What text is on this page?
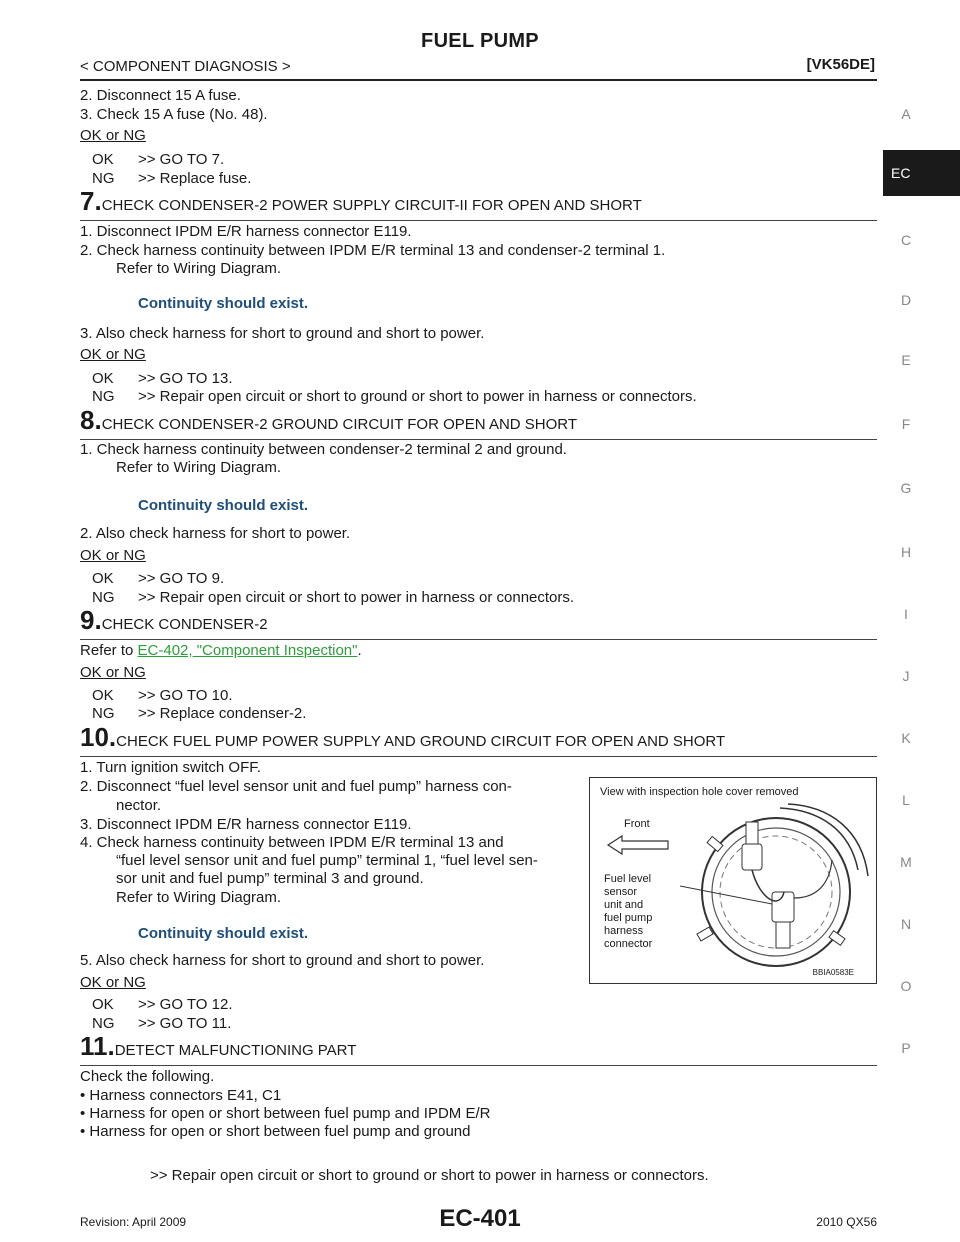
FUEL PUMP
< COMPONENT DIAGNOSIS >	[VK56DE]
A
EC
C
D
E
F
G
H
I
J
K
L
M
N
O
P
2. Disconnect 15 A fuse.
3. Check 15 A fuse (No. 48).
OK or NG
OK >> GO TO 7.
NG >> Replace fuse.
7.CHECK CONDENSER-2 POWER SUPPLY CIRCUIT-II FOR OPEN AND SHORT
1. Disconnect IPDM E/R harness connector E119.
2. Check harness continuity between IPDM E/R terminal 13 and condenser-2 terminal 1.
Refer to Wiring Diagram.
Continuity should exist.
3. Also check harness for short to ground and short to power.
OK or NG
OK >> GO TO 13.
NG >> Repair open circuit or short to ground or short to power in harness or connectors.
8.CHECK CONDENSER-2 GROUND CIRCUIT FOR OPEN AND SHORT
1. Check harness continuity between condenser-2 terminal 2 and ground.
Refer to Wiring Diagram.
Continuity should exist.
2. Also check harness for short to power.
OK or NG
OK >> GO TO 9.
NG >> Repair open circuit or short to power in harness or connectors.
9.CHECK CONDENSER-2
Refer to EC-402, "Component Inspection".
OK or NG
OK >> GO TO 10.
NG >> Replace condenser-2.
10.CHECK FUEL PUMP POWER SUPPLY AND GROUND CIRCUIT FOR OPEN AND SHORT
1. Turn ignition switch OFF.
2. Disconnect “fuel level sensor unit and fuel pump” harness con-
nector.
3. Disconnect IPDM E/R harness connector E119.
4. Check harness continuity between IPDM E/R terminal 13 and
“fuel level sensor unit and fuel pump” terminal 1, “fuel level sen-
sor unit and fuel pump” terminal 3 and ground.
Refer to Wiring Diagram.
Continuity should exist.
5. Also check harness for short to ground and short to power.
OK or NG
OK >> GO TO 12.
NG >> GO TO 11.
View with inspection hole cover removed
Front
Fuel level
sensor
unit and
fuel pump
harness
connector
BBIA0583E
11.DETECT MALFUNCTIONING PART
Check the following.
• Harness connectors E41, C1
• Harness for open or short between fuel pump and IPDM E/R
• Harness for open or short between fuel pump and ground
>> Repair open circuit or short to ground or short to power in harness or connectors.
Revision: April 2009	EC-401	2010 QX56
